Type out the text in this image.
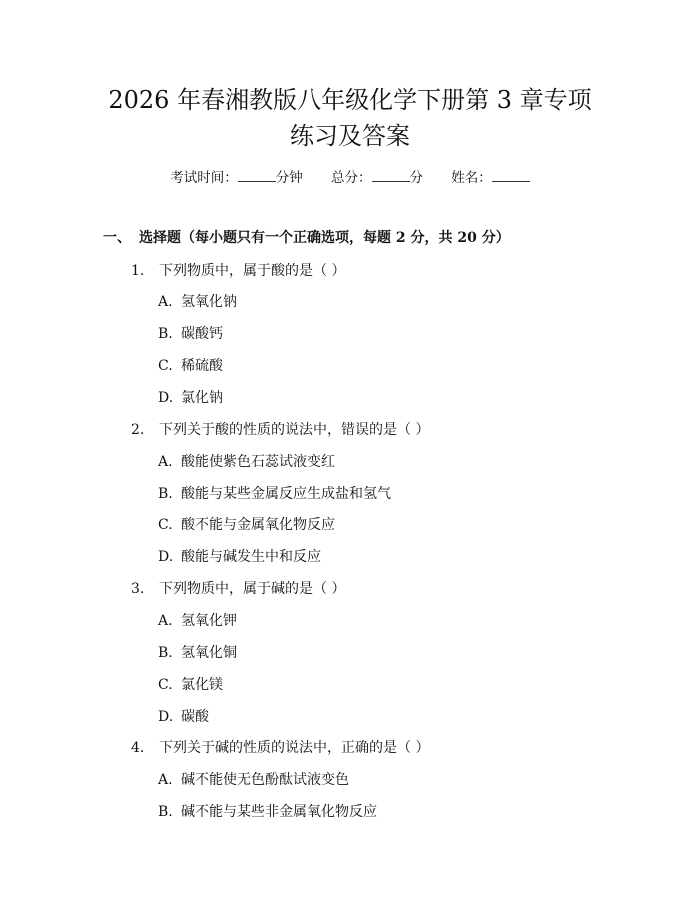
2026 年春湘教版八年级化学下册第 3 章专项
练习及答案
考试时间：	分钟 总分：	分 姓名：
一、 选择题（每小题只有一个正确选项，每题 2 分，共 20 分）
1.	下列物质中，属于酸的是（ ）
A. 氢氧化钠
B. 碳酸钙
C. 稀硫酸
D. 氯化钠
2.	下列关于酸的性质的说法中，错误的是（ ）
A. 酸能使紫色石蕊试液变红
B. 酸能与某些金属反应生成盐和氢气
C. 酸不能与金属氧化物反应
D. 酸能与碱发生中和反应
3.	下列物质中，属于碱的是（ ）
A. 氢氧化钾
B. 氢氧化铜
C. 氯化镁
D. 碳酸
4.	下列关于碱的性质的说法中，正确的是（ ）
A. 碱不能使无色酚酞试液变色
B. 碱不能与某些非金属氧化物反应
